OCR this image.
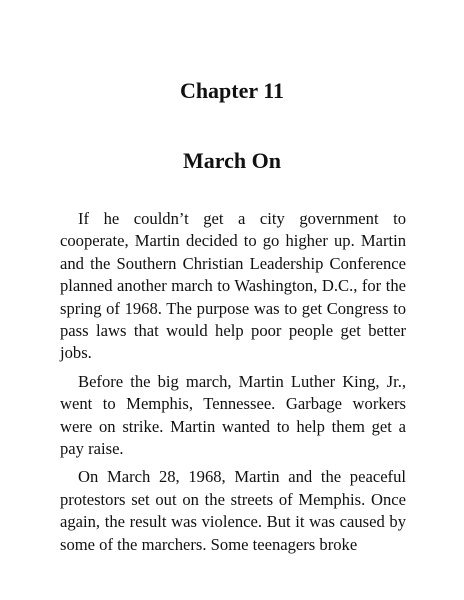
Chapter 11
March On

If he couldn’t get a city government to cooperate, Martin decided to go higher up. Martin and the Southern Christian Leadership Conference planned another march to Washington, D.C., for the spring of 1968. The purpose was to get Congress to pass laws that would help poor people get better jobs.

Before the big march, Martin Luther King, Jr., went to Memphis, Tennessee. Garbage workers were on strike. Martin wanted to help them get a pay raise.

On March 28, 1968, Martin and the peaceful protestors set out on the streets of Memphis. Once again, the result was violence. But it was caused by some of the marchers. Some teenagers broke
